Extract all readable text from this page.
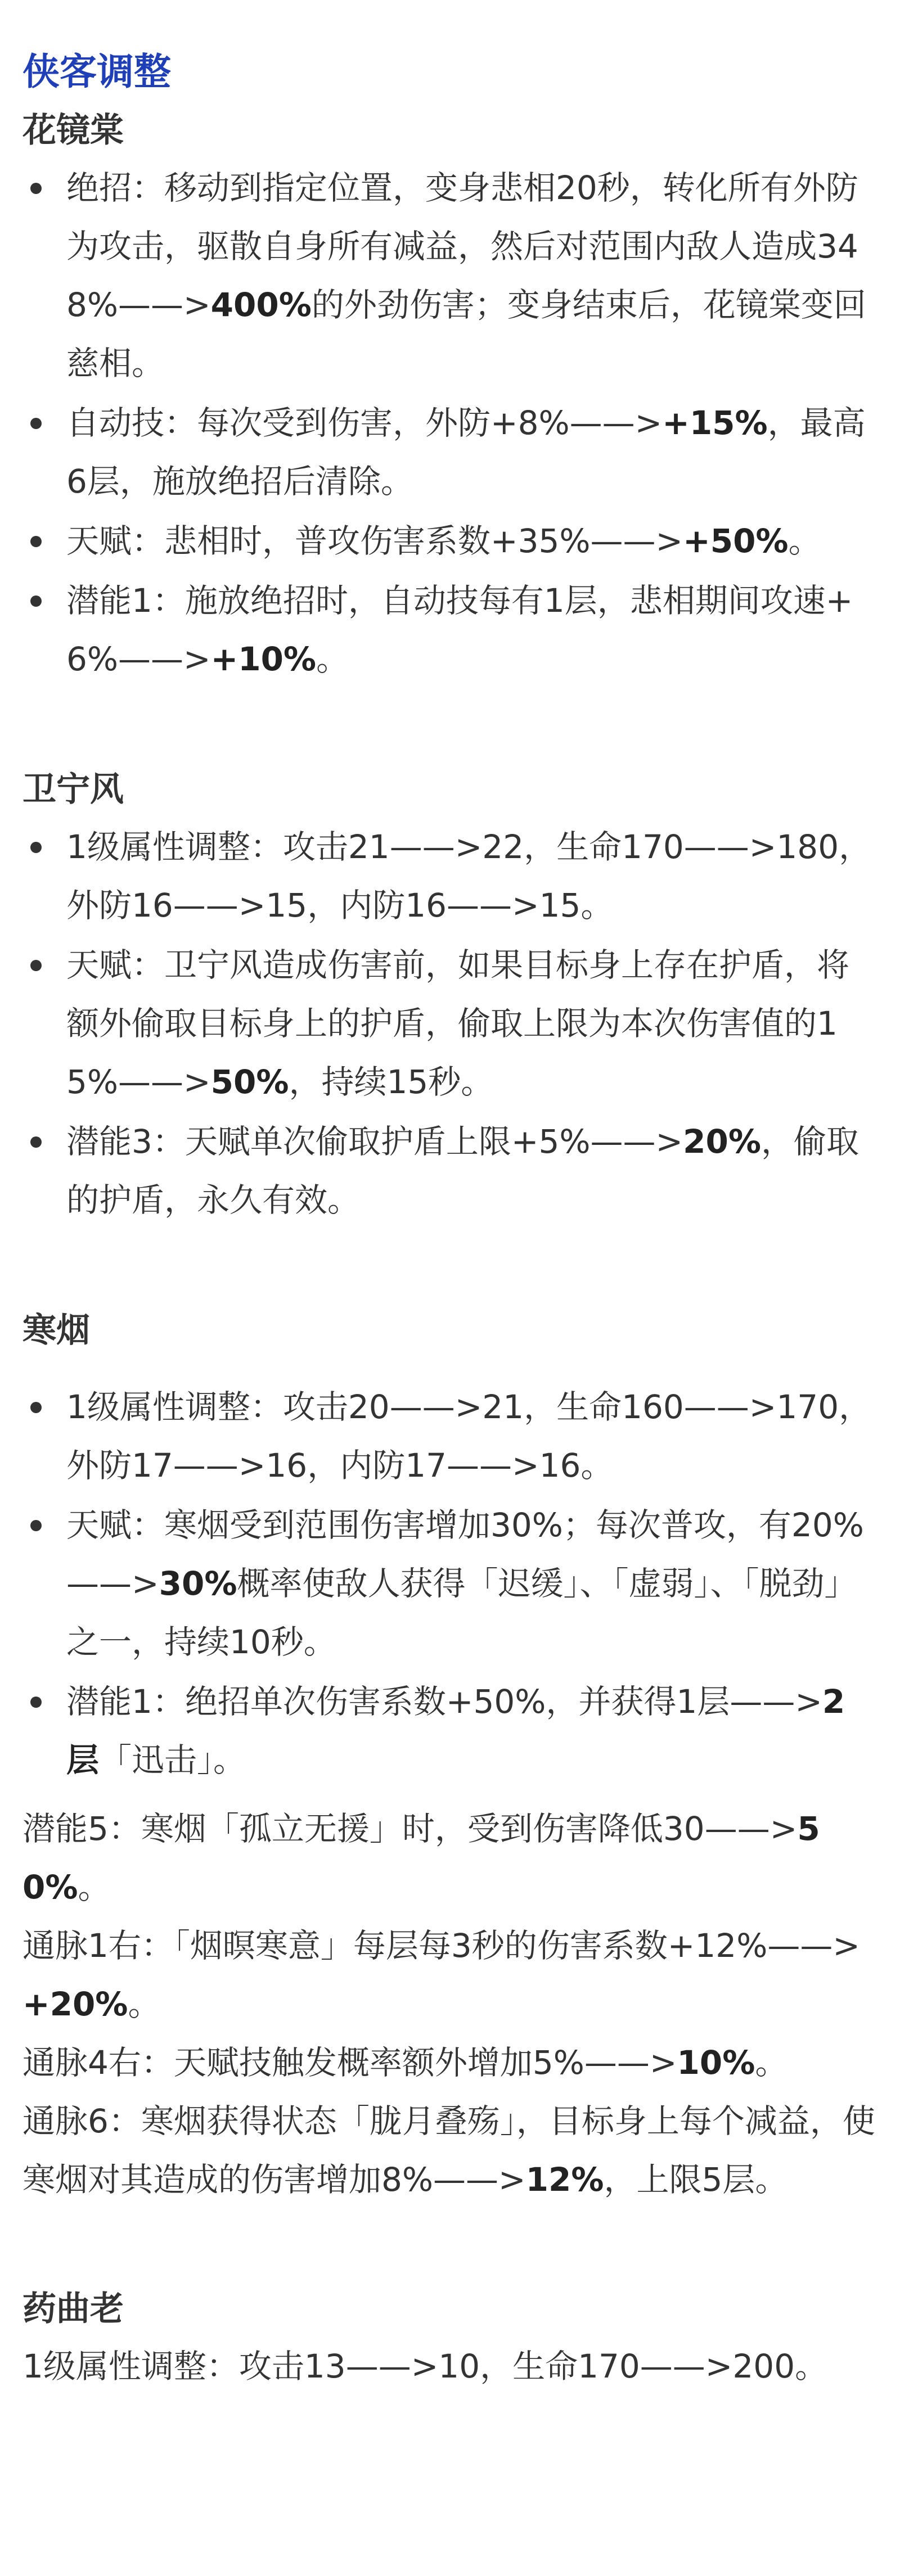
侠客调整
花镜棠
绝招：移动到指定位置，变身悲相20秒，转化所有外防为攻击，驱散自身所有减益，然后对范围内敌人造成348%——>400%的外劲伤害；变身结束后，花镜棠变回慈相。
自动技：每次受到伤害，外防+8%——>+15%，最高6层，施放绝招后清除。
天赋：悲相时，普攻伤害系数+35%——>+50%。
潜能1：施放绝招时，自动技每有1层，悲相期间攻速+6%——>+10%。
卫宁风
1级属性调整：攻击21——>22，生命170——>180，外防16——>15，内防16——>15。
天赋：卫宁风造成伤害前，如果目标身上存在护盾，将额外偷取目标身上的护盾，偷取上限为本次伤害值的15%——>50%，持续15秒。
潜能3：天赋单次偷取护盾上限+5%——>20%，偷取的护盾，永久有效。
寒烟
1级属性调整：攻击20——>21，生命160——>170，外防17——>16，内防17——>16。
天赋：寒烟受到范围伤害增加30%；每次普攻，有20%——>30%概率使敌人获得「迟缓」、「虚弱」、「脱劲」之一，持续10秒。
潜能1：绝招单次伤害系数+50%，并获得1层——>2层「迅击」。

潜能5：寒烟「孤立无援」时，受到伤害降低30——>50%。

通脉1右：「烟暝寒意」每层每3秒的伤害系数+12%——>+20%。

通脉4右：天赋技触发概率额外增加5%——>10%。

通脉6：寒烟获得状态「胧月叠殇」，目标身上每个减益，使寒烟对其造成的伤害增加8%——>12%，上限5层。

药曲老

1级属性调整：攻击13——>10，生命170——>200。
